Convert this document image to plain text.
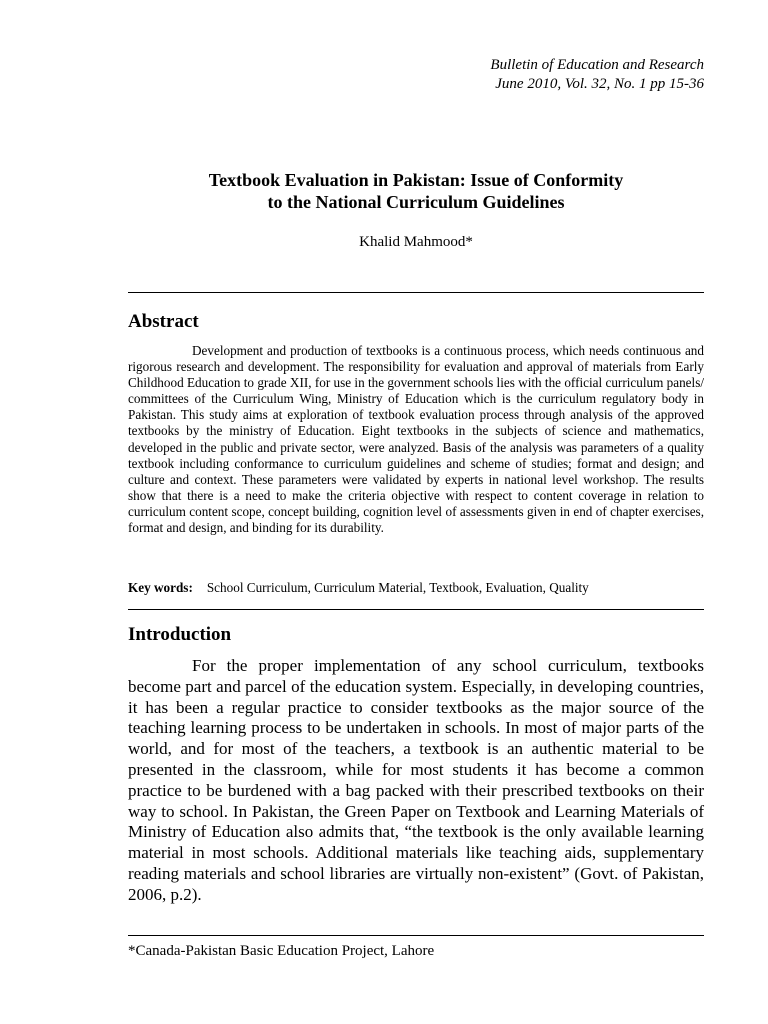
Bulletin of Education and Research
June 2010, Vol. 32, No. 1 pp 15-36
Textbook Evaluation in Pakistan: Issue of Conformity
to the National Curriculum Guidelines
Khalid Mahmood*
Abstract
Development and production of textbooks is a continuous process, which needs continuous and rigorous research and development. The responsibility for evaluation and approval of materials from Early Childhood Education to grade XII, for use in the government schools lies with the official curriculum panels/ committees of the Curriculum Wing, Ministry of Education which is the curriculum regulatory body in Pakistan. This study aims at exploration of textbook evaluation process through analysis of the approved textbooks by the ministry of Education. Eight textbooks in the subjects of science and mathematics, developed in the public and private sector, were analyzed. Basis of the analysis was parameters of a quality textbook including conformance to curriculum guidelines and scheme of studies; format and design; and culture and context. These parameters were validated by experts in national level workshop. The results show that there is a need to make the criteria objective with respect to content coverage in relation to curriculum content scope, concept building, cognition level of assessments given in end of chapter exercises, format and design, and binding for its durability.
Key words: School Curriculum, Curriculum Material, Textbook, Evaluation, Quality
Introduction
For the proper implementation of any school curriculum, textbooks become part and parcel of the education system. Especially, in developing countries, it has been a regular practice to consider textbooks as the major source of the teaching learning process to be undertaken in schools. In most of major parts of the world, and for most of the teachers, a textbook is an authentic material to be presented in the classroom, while for most students it has become a common practice to be burdened with a bag packed with their prescribed textbooks on their way to school. In Pakistan, the Green Paper on Textbook and Learning Materials of Ministry of Education also admits that, “the textbook is the only available learning material in most schools. Additional materials like teaching aids, supplementary reading materials and school libraries are virtually non-existent” (Govt. of Pakistan, 2006, p.2).
*Canada-Pakistan Basic Education Project, Lahore
